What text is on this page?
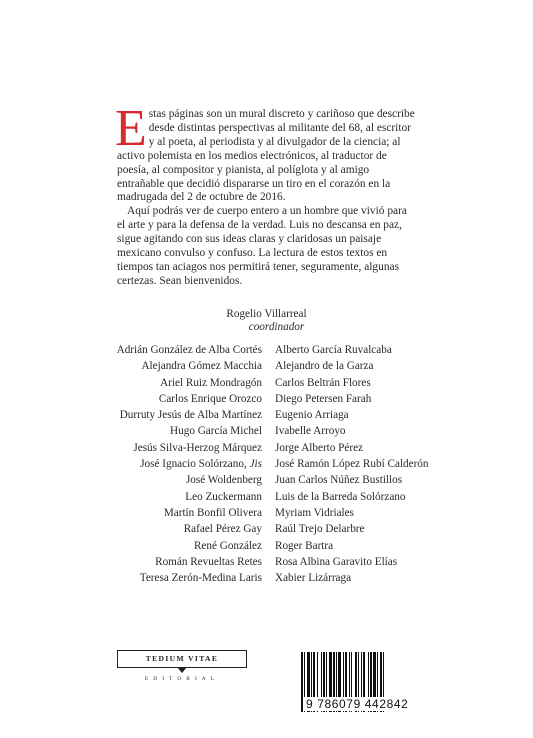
Estas páginas son un mural discreto y cariñoso que describe desde distintas perspectivas al militante del 68, al escritor y al poeta, al periodista y al divulgador de la ciencia; al activo polemista en los medios electrónicos, al traductor de poesía, al compositor y pianista, al políglota y al amigo entrañable que decidió dispararse un tiro en el corazón en la madrugada del 2 de octubre de 2016.

Aquí podrás ver de cuerpo entero a un hombre que vivió para el arte y para la defensa de la verdad. Luis no descansa en paz, sigue agitando con sus ideas claras y claridosas un paisaje mexicano convulso y confuso. La lectura de estos textos en tiempos tan aciagos nos permitirá tener, seguramente, algunas certezas. Sean bienvenidos.

Rogelio Villarreal
coordinador
Adrián González de Alba Cortés
Alejandra Gómez Macchia
Ariel Ruiz Mondragón
Carlos Enrique Orozco
Durruty Jesús de Alba Martínez
Hugo García Michel
Jesús Silva-Herzog Márquez
José Ignacio Solórzano, Jis
José Woldenberg
Leo Zuckermann
Martín Bonfil Olivera
Rafael Pérez Gay
René González
Román Revueltas Retes
Teresa Zerón-Medina Laris
Alberto García Ruvalcaba
Alejandro de la Garza
Carlos Beltrán Flores
Diego Petersen Farah
Eugenio Arriaga
Ivabelle Arroyo
Jorge Alberto Pérez
José Ramón López Rubí Calderón
Juan Carlos Núñez Bustillos
Luis de la Barreda Solórzano
Myriam Vidriales
Raúl Trejo Delarbre
Roger Bartra
Rosa Albina Garavito Elías
Xabier Lizárraga
TEDIUM VITAE
EDITORIAL
9 786079 442842
